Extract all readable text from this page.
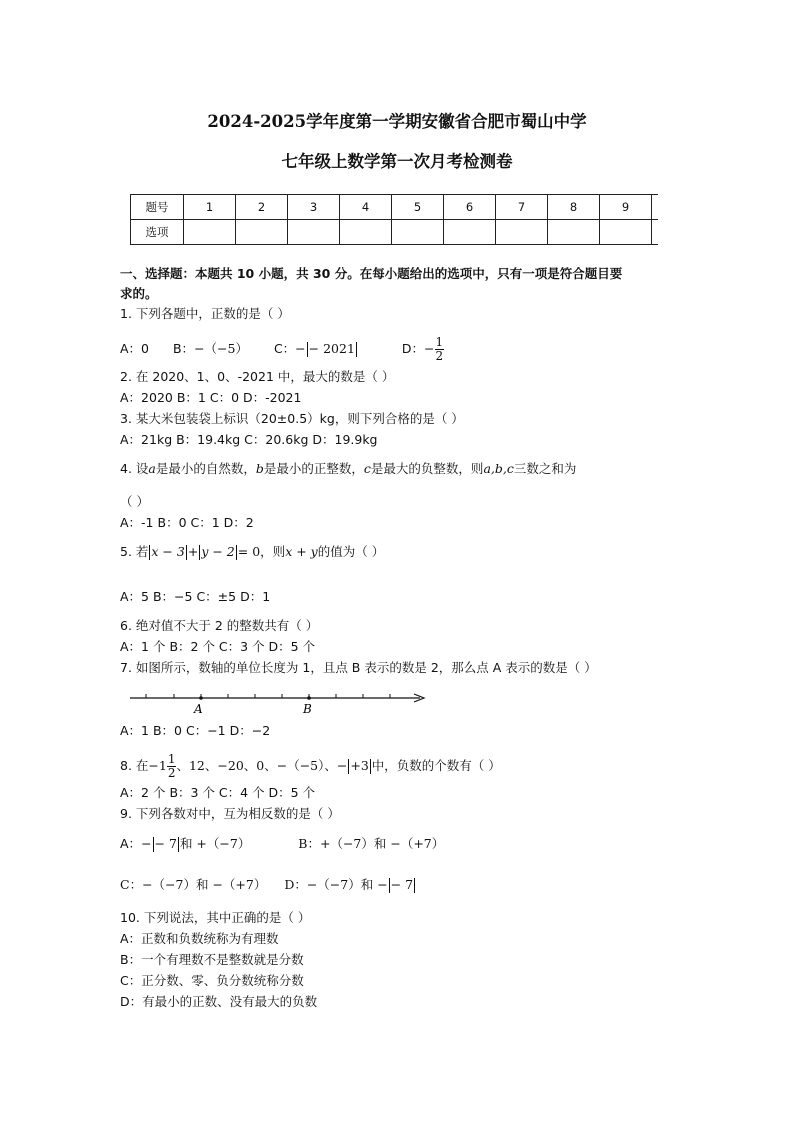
2024-2025学年度第一学期安徽省合肥市蜀山中学
七年级上数学第一次月考检测卷
题号	1	2	3	4	5	6	7	8	9	
选项										
一、选择题：本题共 10 小题，共 30 分。在每小题给出的选项中，只有一项是符合题目要
求的。
1. 下列各题中，正数的是（ ）
A：0 B：−（−5） C：− − 2021	D：− $\frac{1}{2}$
2. 在 2020、1、0、-2021 中，最大的数是（ ）
A：2020 B：1 C：0 D：-2021
3. 某大米包装袋上标识（20±0.5）kg，则下列合格的是（ ）
A：21kg B：19.4kg C：20.6kg D：19.9kg
4. 设a是最小的自然数，b是最小的正整数，c是最大的负整数，则a,b,c三数之和为
（ ）
A：-1 B：0 C：1 D：2
5. 若 x − 3 + y − 2 = 0，则x + y的值为（ ）
A：5 B：−5 C：±5 D：1
6. 绝对值不大于 2 的整数共有（ ）
A：1 个 B：2 个 C：3 个 D：5 个
7. 如图所示，数轴的单位长度为 1，且点 B 表示的数是 2，那么点 A 表示的数是（ ）
A	B
A：1 B：0 C：−1 D：−2
8. 在$-1 \frac{1}{2}$ 、12、−20、0、−（−5）、− +3 中，负数的个数有（ ）
A：2 个 B：3 个 C：4 个 D：5 个
9. 下列各数对中，互为相反数的是（ ）
A：− − 7 和 +（−7）	B：+（−7）和 −（+7）
C：−（−7）和 −（+7） D：−（−7）和 − − 7
10. 下列说法，其中正确的是（ ）
A：正数和负数统称为有理数
B：一个有理数不是整数就是分数
C：正分数、零、负分数统称分数
D：有最小的正数、没有最大的负数
